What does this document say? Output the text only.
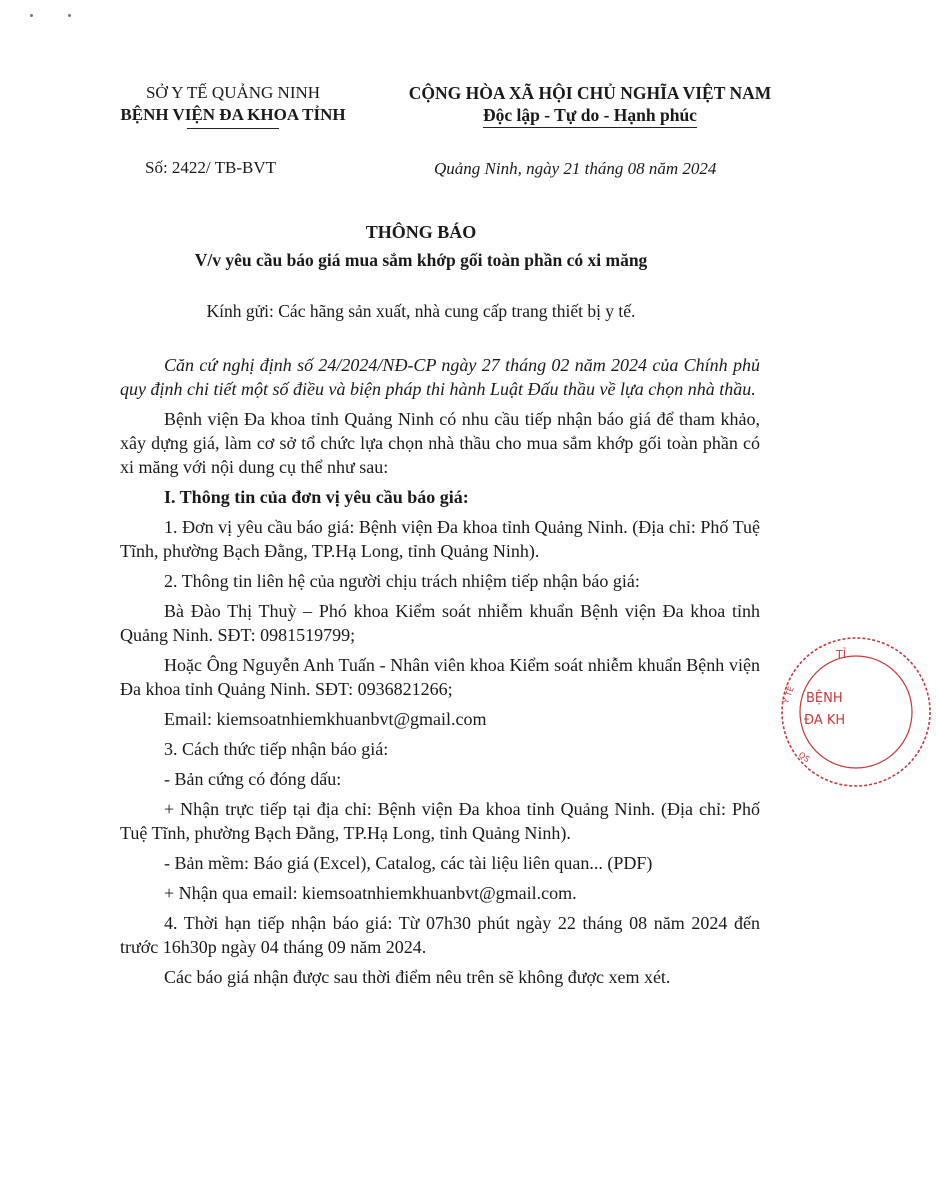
SỞ Y TẾ QUẢNG NINH
BỆNH VIỆN ĐA KHOA TỈNH
CỘNG HÒA XÃ HỘI CHỦ NGHĨA VIỆT NAM
Độc lập - Tự do - Hạnh phúc
Số: 2422/ TB-BVT	Quảng Ninh, ngày 21 tháng 08 năm 2024
THÔNG BÁO
V/v yêu cầu báo giá mua sắm khớp gối toàn phần có xi măng
Kính gửi: Các hãng sản xuất, nhà cung cấp trang thiết bị y tế.

Căn cứ nghị định số 24/2024/NĐ-CP ngày 27 tháng 02 năm 2024 của Chính phủ quy định chi tiết một số điều và biện pháp thi hành Luật Đấu thầu về lựa chọn nhà thầu.

Bệnh viện Đa khoa tỉnh Quảng Ninh có nhu cầu tiếp nhận báo giá để tham khảo, xây dựng giá, làm cơ sở tổ chức lựa chọn nhà thầu cho mua sắm khớp gối toàn phần có xi măng với nội dung cụ thể như sau:

I. Thông tin của đơn vị yêu cầu báo giá:

1. Đơn vị yêu cầu báo giá: Bệnh viện Đa khoa tỉnh Quảng Ninh. (Địa chỉ: Phố Tuệ Tĩnh, phường Bạch Đằng, TP.Hạ Long, tỉnh Quảng Ninh).

2. Thông tin liên hệ của người chịu trách nhiệm tiếp nhận báo giá:

Bà Đào Thị Thuỳ – Phó khoa Kiểm soát nhiễm khuẩn Bệnh viện Đa khoa tỉnh Quảng Ninh. SĐT: 0981519799;

Hoặc Ông Nguyễn Anh Tuấn - Nhân viên khoa Kiểm soát nhiễm khuẩn Bệnh viện Đa khoa tỉnh Quảng Ninh. SĐT: 0936821266;

Email: kiemsoatnhiemkhuanbvt@gmail.com

3. Cách thức tiếp nhận báo giá:

- Bản cứng có đóng dấu:

+ Nhận trực tiếp tại địa chỉ: Bệnh viện Đa khoa tỉnh Quảng Ninh. (Địa chỉ: Phố Tuệ Tĩnh, phường Bạch Đằng, TP.Hạ Long, tỉnh Quảng Ninh).

- Bản mềm: Báo giá (Excel), Catalog, các tài liệu liên quan... (PDF)

+ Nhận qua email: kiemsoatnhiemkhuanbvt@gmail.com.

4. Thời hạn tiếp nhận báo giá: Từ 07h30 phút ngày 22 tháng 08 năm 2024 đến trước 16h30p ngày 04 tháng 09 năm 2024.

Các báo giá nhận được sau thời điểm nêu trên sẽ không được xem xét.

TỈ
BỆNH
ĐA KH
Y TẾ
QS
